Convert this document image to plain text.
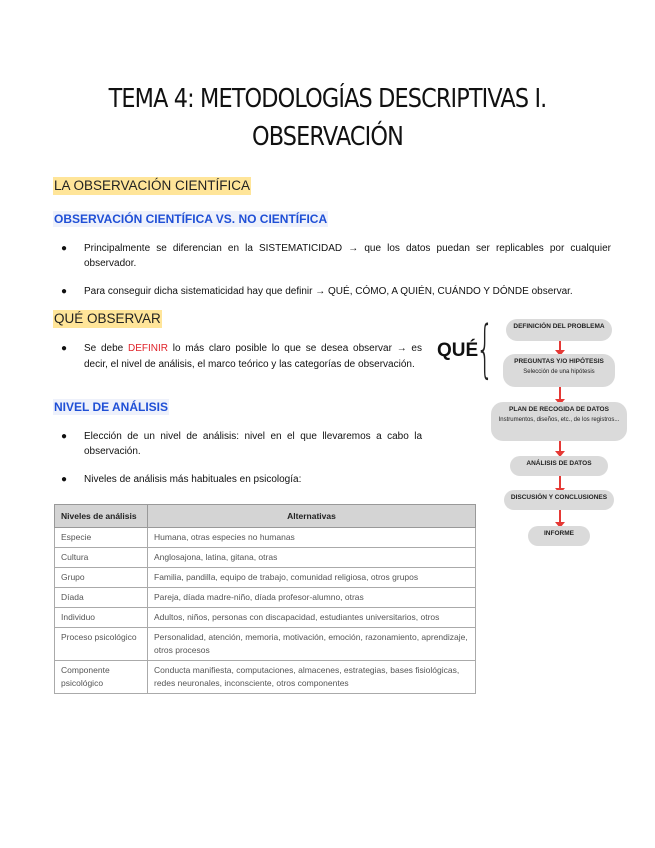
TEMA 4: METODOLOGÍAS DESCRIPTIVAS I.
OBSERVACIÓN
LA OBSERVACIÓN CIENTÍFICA
OBSERVACIÓN CIENTÍFICA VS. NO CIENTÍFICA
● Principalmente se diferencian en la SISTEMATICIDAD → que los datos puedan ser replicables por cualquier observador.
● Para conseguir dicha sistematicidad hay que definir → QUÉ, CÓMO, A QUIÉN, CUÁNDO Y DÓNDE observar.
QUÉ OBSERVAR
● Se debe DEFINIR lo más claro posible lo que se desea observar → es decir, el nivel de análisis, el marco teórico y las categorías de observación.
QUÉ
{
NIVEL DE ANÁLISIS
● Elección de un nivel de análisis: nivel en el que llevaremos a cabo la observación.
● Niveles de análisis más habituales en psicología:
DEFINICIÓN DEL PROBLEMA
PREGUNTAS Y/O HIPÓTESIS
Selección de una hipótesis
PLAN DE RECOGIDA DE DATOS
Instrumentos, diseños, etc., de los registros...
ANÁLISIS DE DATOS
DISCUSIÓN Y CONCLUSIONES
INFORME
Niveles de análisis	Alternativas
Especie	Humana, otras especies no humanas
Cultura	Anglosajona, latina, gitana, otras
Grupo	Familia, pandilla, equipo de trabajo, comunidad religiosa, otros grupos
Díada	Pareja, díada madre-niño, díada profesor-alumno, otras
Individuo	Adultos, niños, personas con discapacidad, estudiantes universitarios, otros
Proceso psicológico	Personalidad, atención, memoria, motivación, emoción, razonamiento, aprendizaje, otros procesos
Componente psicológico	Conducta manifiesta, computaciones, almacenes, estrategias, bases fisiológicas, redes neuronales, inconsciente, otros componentes
